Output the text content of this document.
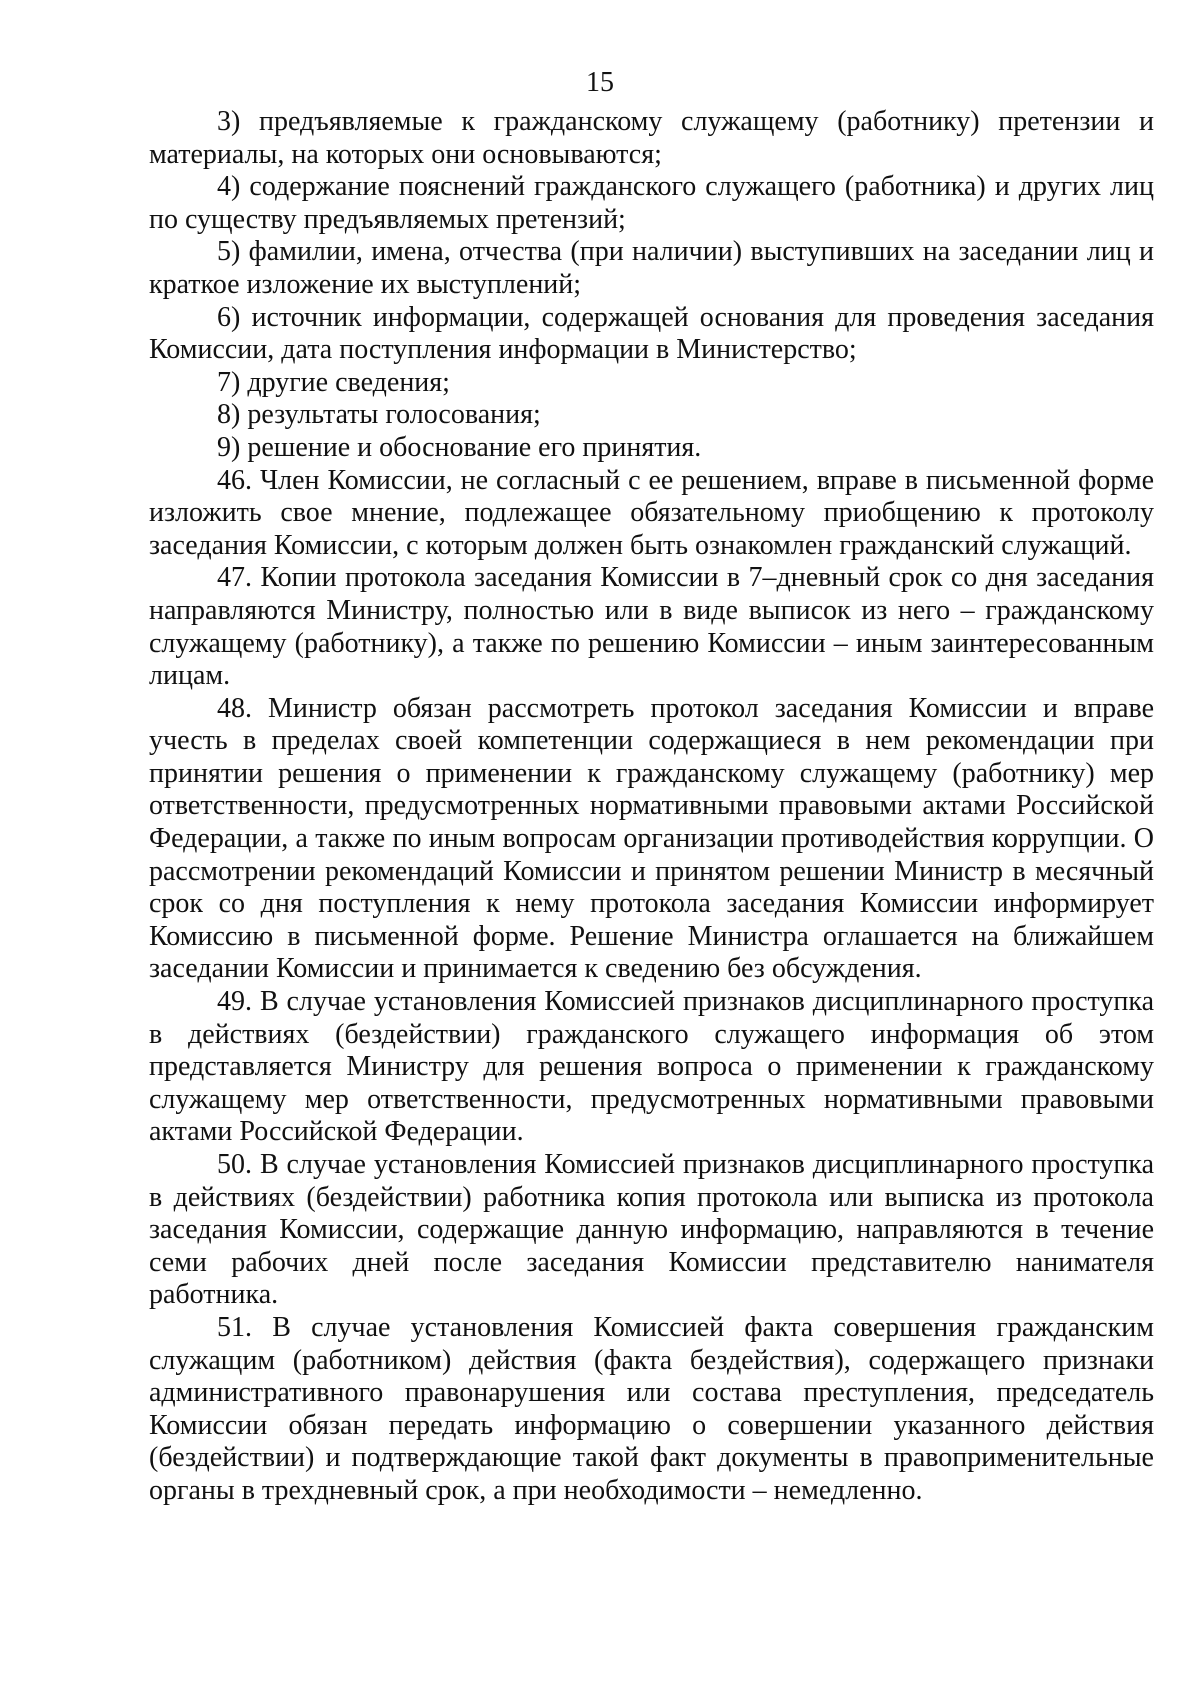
15

3) предъявляемые к гражданскому служащему (работнику) претензии и материалы, на которых они основываются;

4) содержание пояснений гражданского служащего (работника) и других лиц по существу предъявляемых претензий;

5) фамилии, имена, отчества (при наличии) выступивших на заседании лиц и краткое изложение их выступлений;

6) источник информации, содержащей основания для проведения заседания Комиссии, дата поступления информации в Министерство;

7) другие сведения;

8) результаты голосования;

9) решение и обоснование его принятия.

46. Член Комиссии, не согласный с ее решением, вправе в письменной форме изложить свое мнение, подлежащее обязательному приобщению к протоколу заседания Комиссии, с которым должен быть ознакомлен гражданский служащий.

47. Копии протокола заседания Комиссии в 7–дневный срок со дня заседания направляются Министру, полностью или в виде выписок из него – гражданскому служащему (работнику), а также по решению Комиссии – иным заинтересованным лицам.

48. Министр обязан рассмотреть протокол заседания Комиссии и вправе учесть в пределах своей компетенции содержащиеся в нем рекомендации при принятии решения о применении к гражданскому служащему (работнику) мер ответственности, предусмотренных нормативными правовыми актами Российской Федерации, а также по иным вопросам организации противодействия коррупции. О рассмотрении рекомендаций Комиссии и принятом решении Министр в месячный срок со дня поступления к нему протокола заседания Комиссии информирует Комиссию в письменной форме. Решение Министра оглашается на ближайшем заседании Комиссии и принимается к сведению без обсуждения.

49. В случае установления Комиссией признаков дисциплинарного проступка в действиях (бездействии) гражданского служащего информация об этом представляется Министру для решения вопроса о применении к гражданскому служащему мер ответственности, предусмотренных нормативными правовыми актами Российской Федерации.

50. В случае установления Комиссией признаков дисциплинарного проступка в действиях (бездействии) работника копия протокола или выписка из протокола заседания Комиссии, содержащие данную информацию, направляются в течение семи рабочих дней после заседания Комиссии представителю нанимателя работника.

51. В случае установления Комиссией факта совершения гражданским служащим (работником) действия (факта бездействия), содержащего признаки административного правонарушения или состава преступления, председатель Комиссии обязан передать информацию о совершении указанного действия (бездействии) и подтверждающие такой факт документы в правоприменительные органы в трехдневный срок, а при необходимости – немедленно.
